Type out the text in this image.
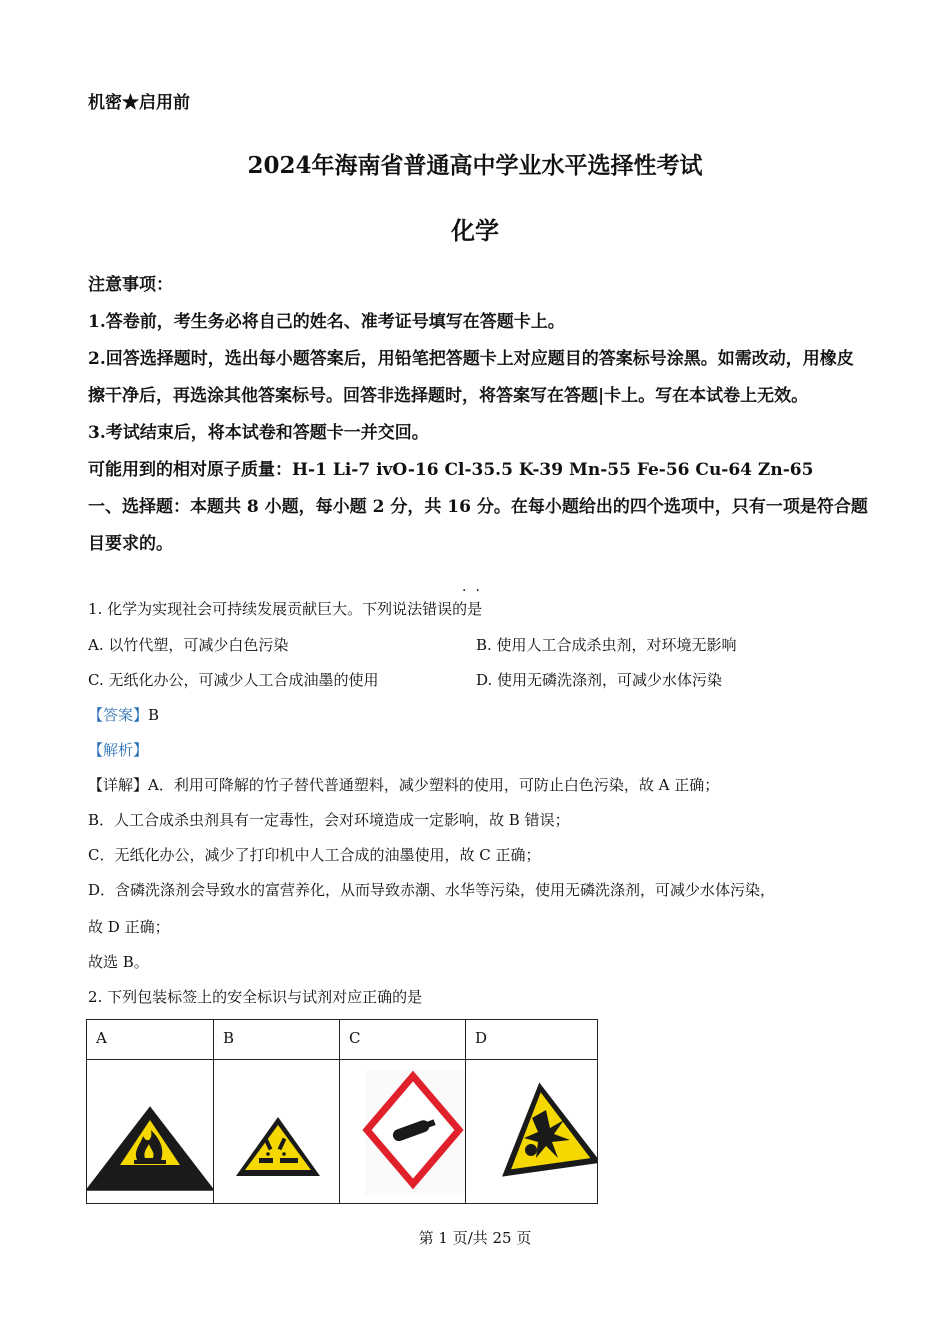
机密★启用前
2024年海南省普通高中学业水平选择性考试
化学

注意事项：

1.答卷前，考生务必将自己的姓名、准考证号填写在答题卡上。

2.回答选择题时，选出每小题答案后，用铅笔把答题卡上对应题目的答案标号涂黑。如需改动，用橡皮擦干净后，再选涂其他答案标号。回答非选择题时，将答案写在答题|卡上。写在本试卷上无效。

3.考试结束后，将本试卷和答题卡一并交回。

可能用到的相对原子质量：H-1 Li-7 ivO-16 Cl-35.5 K-39 Mn-55 Fe-56 Cu-64 Zn-65

一、选择题：本题共 8 小题，每小题 2 分，共 16 分。在每小题给出的四个选项中，只有一项是符合题目要求的。

··
1. 化学为实现社会可持续发展贡献巨大。下列说法错误的是
A. 以竹代塑，可减少白色污染	B. 使用人工合成杀虫剂，对环境无影响
C. 无纸化办公，可减少人工合成油墨的使用	D. 使用无磷洗涤剂，可减少水体污染
【答案】B
【解析】
【详解】A．利用可降解的竹子替代普通塑料，减少塑料的使用，可防止白色污染，故 A 正确；
B．人工合成杀虫剂具有一定毒性，会对环境造成一定影响，故 B 错误；
C．无纸化办公，减少了打印机中人工合成的油墨使用，故 C 正确；
D．含磷洗涤剂会导致水的富营养化，从而导致赤潮、水华等污染，使用无磷洗涤剂，可减少水体污染，
故 D 正确；
故选 B。
2. 下列包装标签上的安全标识与试剂对应正确的是
A	B	C	D

第 1 页/共 25 页
